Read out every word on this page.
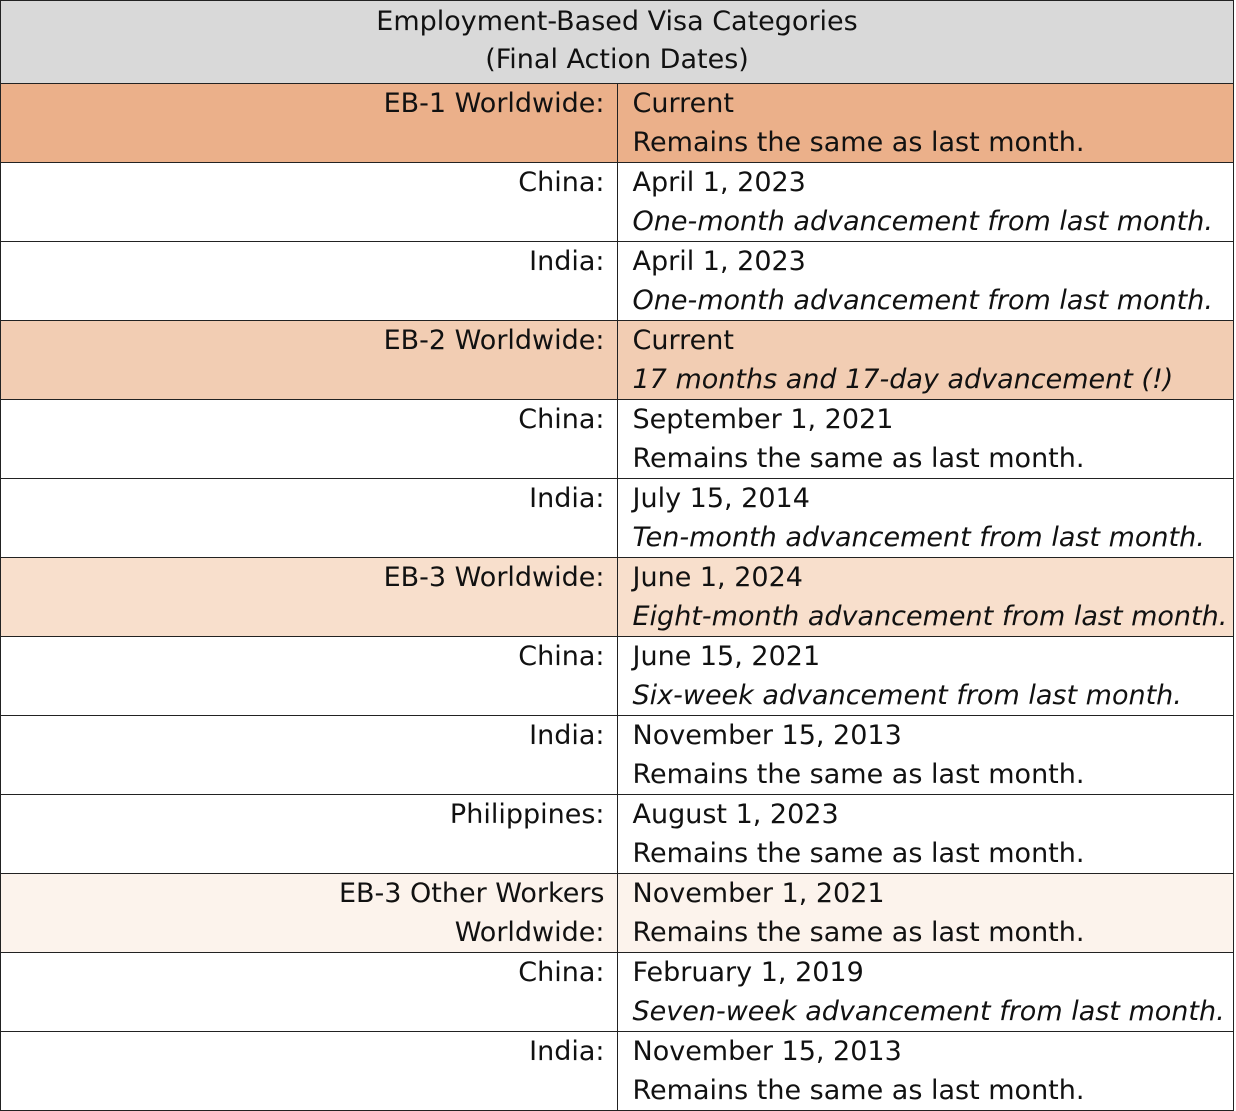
Employment-Based Visa Categories
(Final Action Dates)	

EB-1 Worldwide:	Current
Remains the same as last month.

China:	April 1, 2023
One-month advancement from last month.

India:	April 1, 2023
One-month advancement from last month.

EB-2 Worldwide:	Current
17 months and 17-day advancement (!)

China:	September 1, 2021
Remains the same as last month.

India:	July 15, 2014
Ten-month advancement from last month.

EB-3 Worldwide:	June 1, 2024
Eight-month advancement from last month.

China:	June 15, 2021
Six-week advancement from last month.

India:	November 15, 2013
Remains the same as last month.

Philippines:	August 1, 2023
Remains the same as last month.

EB-3 Other Workers
Worldwide:	November 1, 2021
Remains the same as last month.

China:	February 1, 2019
Seven-week advancement from last month.

India:	November 15, 2013
Remains the same as last month.
